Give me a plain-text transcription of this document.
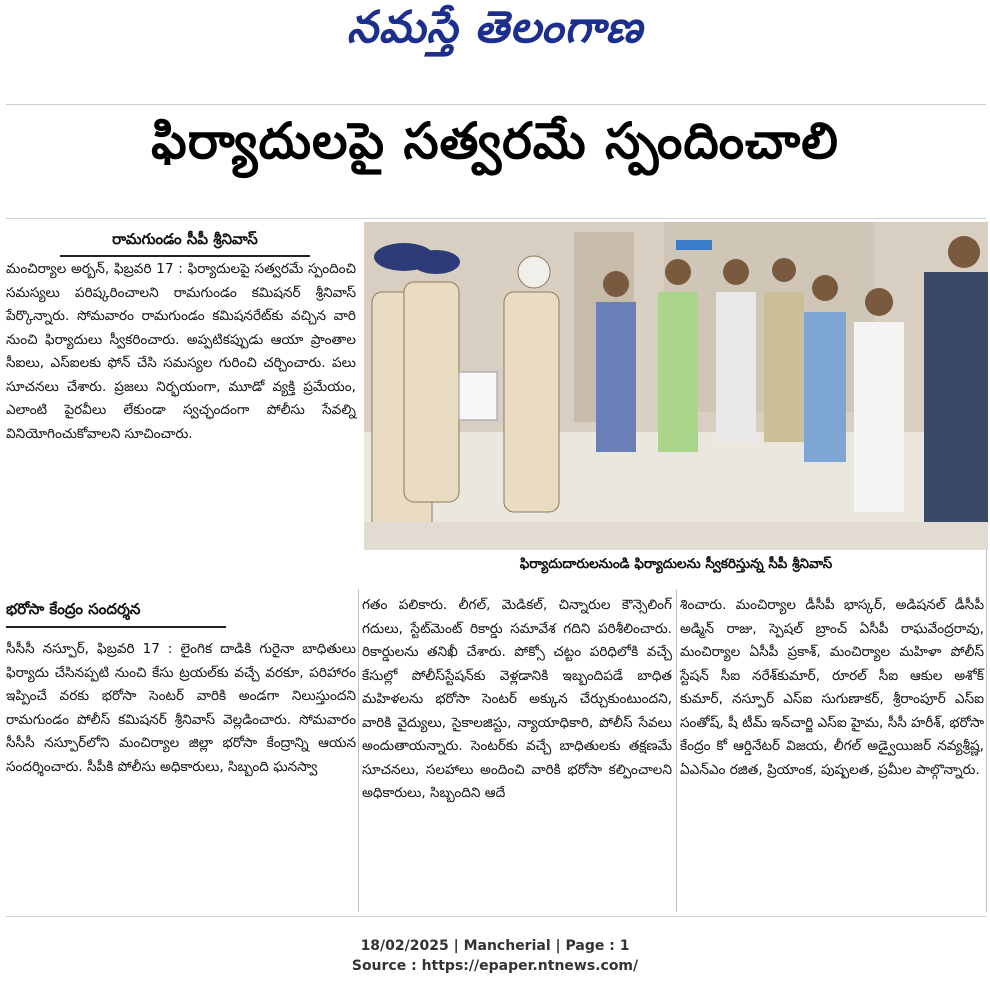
నమస్తే తెలంగాణ
ఫిర్యాదులపై సత్వరమే స్పందించాలి
రామగుండం సీపీ శ్రీనివాస్

మంచిర్యాల అర్బన్, ఫిబ్రవరి 17 : ఫిర్యాదులపై సత్వరమే స్పందించి సమస్యలు పరిష్కరించాలని రామగుండం కమిషనర్ శ్రీనివాస్ పేర్కొన్నారు. సోమవారం రామగుండం కమిషనరేట్‌కు వచ్చిన వారి నుంచి ఫిర్యాదులు స్వీకరించారు. అప్పటికప్పుడు ఆయా ప్రాంతాల సీఐలు, ఎస్‌ఐలకు ఫోన్ చేసి సమస్యల గురించి చర్చించారు. పలు సూచనలు చేశారు. ప్రజలు నిర్భయంగా, మూడో వ్యక్తి ప్రమేయం, ఎలాంటి పైరవీలు లేకుండా స్వచ్ఛందంగా పోలీసు సేవల్ని వినియోగించుకోవాలని సూచించారు.

భరోసా కేంద్రం సందర్శన

సీసీసీ నస్పూర్, ఫిబ్రవరి 17 : లైంగిక దాడికి గురైనా బాధితులు ఫిర్యాదు చేసినప్పటి నుంచి కేసు ట్రయల్‌కు వచ్చే వరకూ, పరిహారం ఇప్పించే వరకు భరోసా సెంటర్ వారికి అండగా నిలుస్తుందని రామగుండం పోలీస్ కమిషనర్ శ్రీనివాస్ వెల్లడించారు. సోమవారం సీసీసీ నస్పూర్‌లోని మంచిర్యాల జిల్లా భరోసా కేంద్రాన్ని ఆయన సందర్శించారు. సీపీకి పోలీసు అధికారులు, సిబ్బంది ఘనస్వా

గతం పలికారు. లీగల్, మెడికల్, చిన్నారుల కౌన్సెలింగ్ గదులు, స్టేట్‌మెంట్ రికార్డు సమావేశ గదిని పరిశీలించారు. రికార్డులను తనిఖీ చేశారు. పోక్సో చట్టం పరిధిలోకి వచ్చే కేసుల్లో పోలీస్‌స్టేషన్‌కు వెళ్లడానికి ఇబ్బందిపడే బాధిత మహిళలను భరోసా సెంటర్ అక్కున చేర్చుకుంటుందని, వారికి వైద్యులు, సైకాలజిస్టు, న్యాయాధికారి, పోలీస్ సేవలు అందుతాయన్నారు. సెంటర్‌కు వచ్చే బాధితులకు తక్షణమే సూచనలు, సలహాలు అందించి వారికి భరోసా కల్పించాలని అధికారులు, సిబ్బందిని ఆదే

శించారు. మంచిర్యాల డీసీపీ భాస్కర్, అడిషనల్ డీసీపీ అడ్మిన్ రాజు, స్పెషల్ బ్రాంచ్ ఏసీపీ రాఘవేంద్రరావు, మంచిర్యాల ఏసీపీ ప్రకాశ్, మంచిర్యాల మహిళా పోలీస్ స్టేషన్ సీఐ నరేశ్‌కుమార్, రూరల్ సీఐ ఆకుల అశోక్ కుమార్, నస్పూర్ ఎస్ఐ సుగుణాకర్, శ్రీరాంపూర్ ఎస్ఐ సంతోష్, షీ టీమ్ ఇన్‌చార్జి ఎస్ఐ హైమ, సీసీ హరీశ్, భరోసా కేంద్రం కో ఆర్డినేటర్ విజయ, లీగల్ అడ్వైయిజర్ నవ్యశ్రీష్ణ, ఏఎన్ఎం రజిత, ప్రియాంక, పుష్పలత, ప్రమీల పాల్గొన్నారు.

ఫిర్యాదుదారులనుండి ఫిర్యాదులను స్వీకరిస్తున్న సీపీ శ్రీనివాస్
18/02/2025 | Mancherial | Page : 1
Source : https://epaper.ntnews.com/
